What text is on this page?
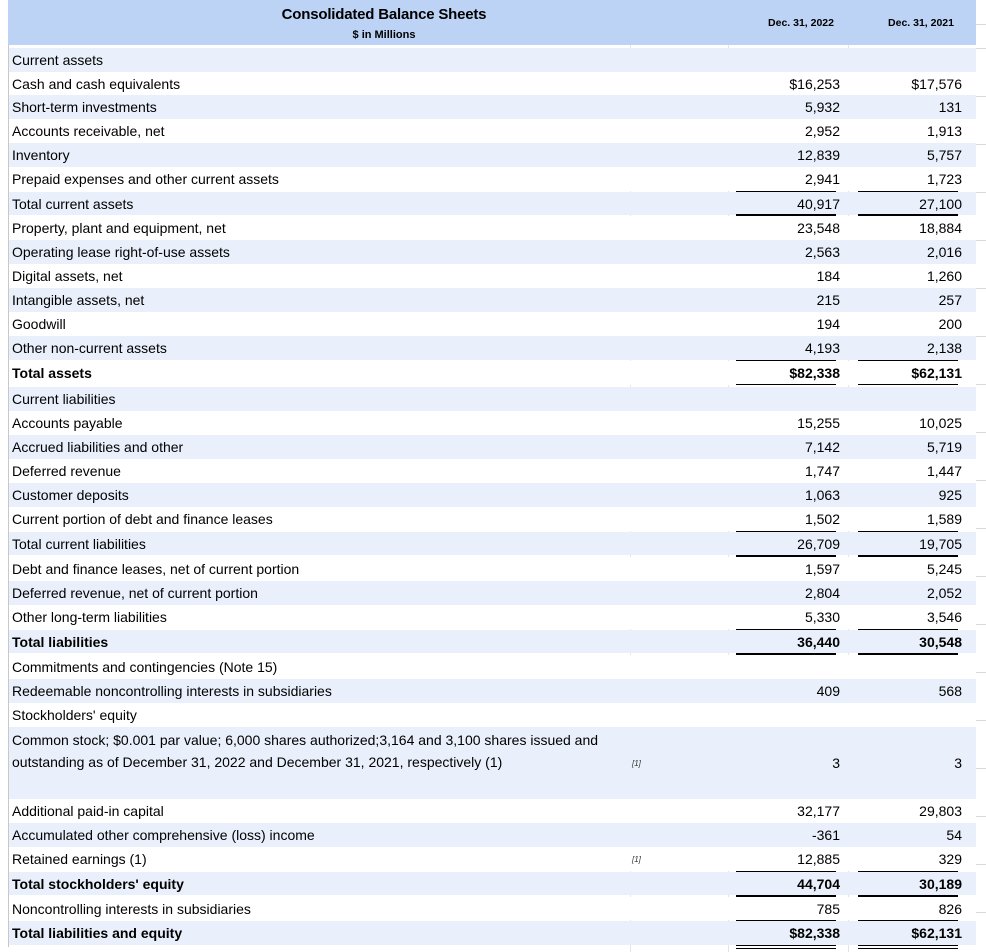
Consolidated Balance Sheets
$ in Millions
Dec. 31, 2022	Dec. 31, 2021
Current assets
Cash and cash equivalents	$16,253	$17,576
Short-term investments	5,932	131
Accounts receivable, net	2,952	1,913
Inventory	12,839	5,757
Prepaid expenses and other current assets	2,941	1,723
Total current assets	40,917	27,100
Property, plant and equipment, net	23,548	18,884
Operating lease right-of-use assets	2,563	2,016
Digital assets, net	184	1,260
Intangible assets, net	215	257
Goodwill	194	200
Other non-current assets	4,193	2,138
Total assets	$82,338	$62,131
Current liabilities
Accounts payable	15,255	10,025
Accrued liabilities and other	7,142	5,719
Deferred revenue	1,747	1,447
Customer deposits	1,063	925
Current portion of debt and finance leases	1,502	1,589
Total current liabilities	26,709	19,705
Debt and finance leases, net of current portion	1,597	5,245
Deferred revenue, net of current portion	2,804	2,052
Other long-term liabilities	5,330	3,546
Total liabilities	36,440	30,548
Commitments and contingencies (Note 15)
Redeemable noncontrolling interests in subsidiaries	409	568
Stockholders' equity
Common stock; $0.001 par value; 6,000 shares authorized;3,164 and 3,100 shares issued and outstanding as of December 31, 2022 and December 31, 2021, respectively (1)	[1]	3	3
Additional paid-in capital	32,177	29,803
Accumulated other comprehensive (loss) income	-361	54
Retained earnings (1)	[1]	12,885	329
Total stockholders' equity	44,704	30,189
Noncontrolling interests in subsidiaries	785	826
Total liabilities and equity	$82,338	$62,131
